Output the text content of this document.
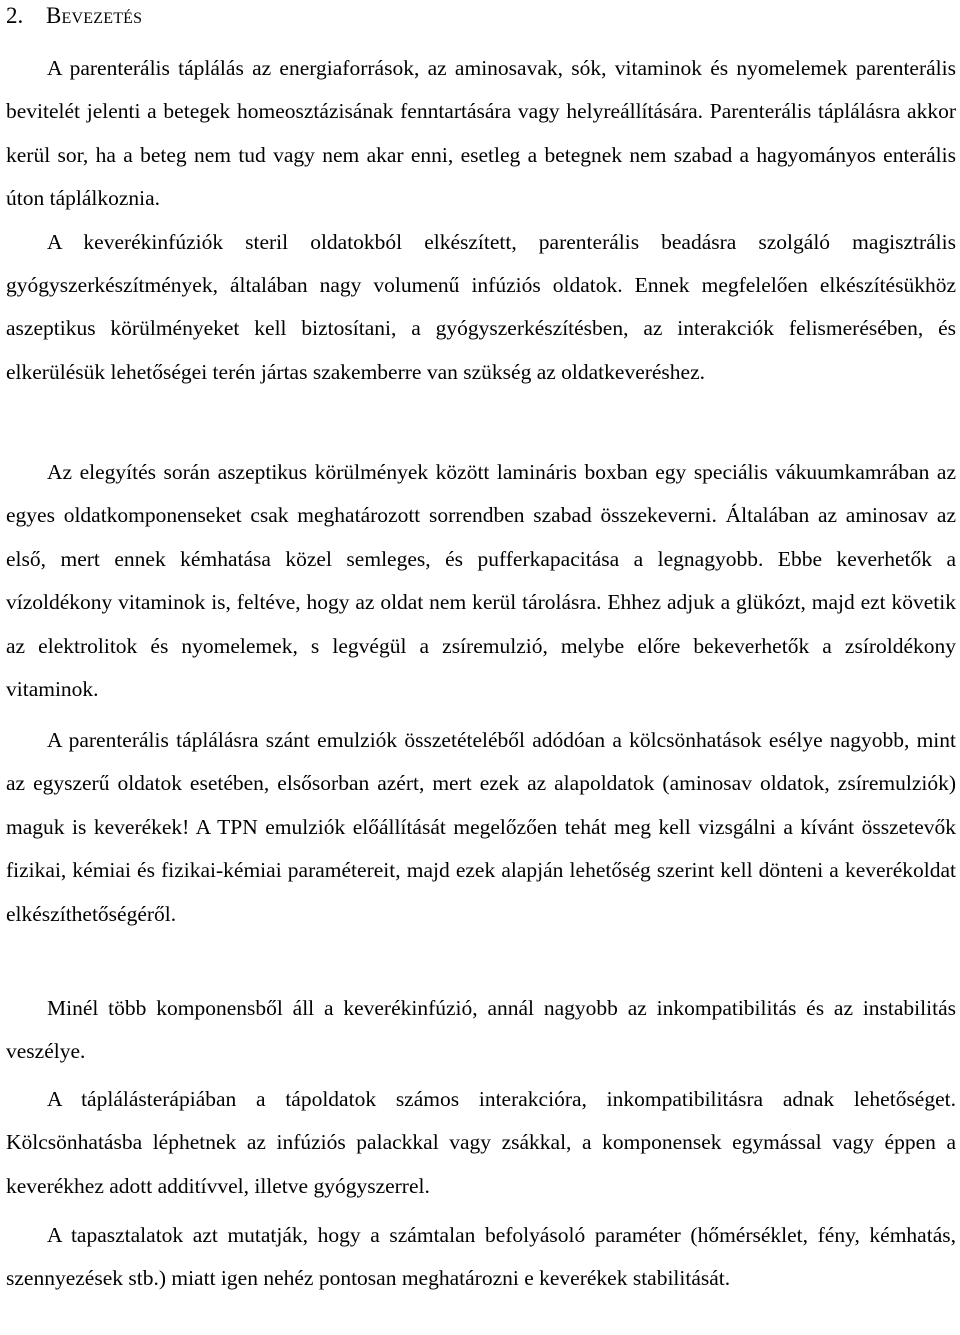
2. Bevezetés

A parenterális táplálás az energiaforrások, az aminosavak, sók, vitaminok és nyomelemek parenterális bevitelét jelenti a betegek homeosztázisának fenntartására vagy helyreállítására. Parenterális táplálásra akkor kerül sor, ha a beteg nem tud vagy nem akar enni, esetleg a betegnek nem szabad a hagyományos enterális úton táplálkoznia.

A keverékinfúziók steril oldatokból elkészített, parenterális beadásra szolgáló magisztrális gyógyszerkészítmények, általában nagy volumenű infúziós oldatok. Ennek megfelelően elkészítésükhöz aszeptikus körülményeket kell biztosítani, a gyógyszerkészítésben, az interakciók felismerésében, és elkerülésük lehetőségei terén jártas szakemberre van szükség az oldatkeveréshez.

Az elegyítés során aszeptikus körülmények között lamináris boxban egy speciális vákuumkamrában az egyes oldatkomponenseket csak meghatározott sorrendben szabad összekeverni. Általában az aminosav az első, mert ennek kémhatása közel semleges, és pufferkapacitása a legnagyobb. Ebbe keverhetők a vízoldékony vitaminok is, feltéve, hogy az oldat nem kerül tárolásra. Ehhez adjuk a glükózt, majd ezt követik az elektrolitok és nyomelemek, s legvégül a zsíremulzió, melybe előre bekeverhetők a zsíroldékony vitaminok.

A parenterális táplálásra szánt emulziók összetételéből adódóan a kölcsönhatások esélye nagyobb, mint az egyszerű oldatok esetében, elsősorban azért, mert ezek az alapoldatok (aminosav oldatok, zsíremulziók) maguk is keverékek! A TPN emulziók előállítását megelőzően tehát meg kell vizsgálni a kívánt összetevők fizikai, kémiai és fizikai-kémiai paramétereit, majd ezek alapján lehetőség szerint kell dönteni a keverékoldat elkészíthetőségéről.

Minél több komponensből áll a keverékinfúzió, annál nagyobb az inkompatibilitás és az instabilitás veszélye.

A táplálásterápiában a tápoldatok számos interakcióra, inkompatibilitásra adnak lehetőséget. Kölcsönhatásba léphetnek az infúziós palackkal vagy zsákkal, a komponensek egymással vagy éppen a keverékhez adott additívvel, illetve gyógyszerrel.

A tapasztalatok azt mutatják, hogy a számtalan befolyásoló paraméter (hőmérséklet, fény, kémhatás, szennyezések stb.) miatt igen nehéz pontosan meghatározni e keverékek stabilitását.
